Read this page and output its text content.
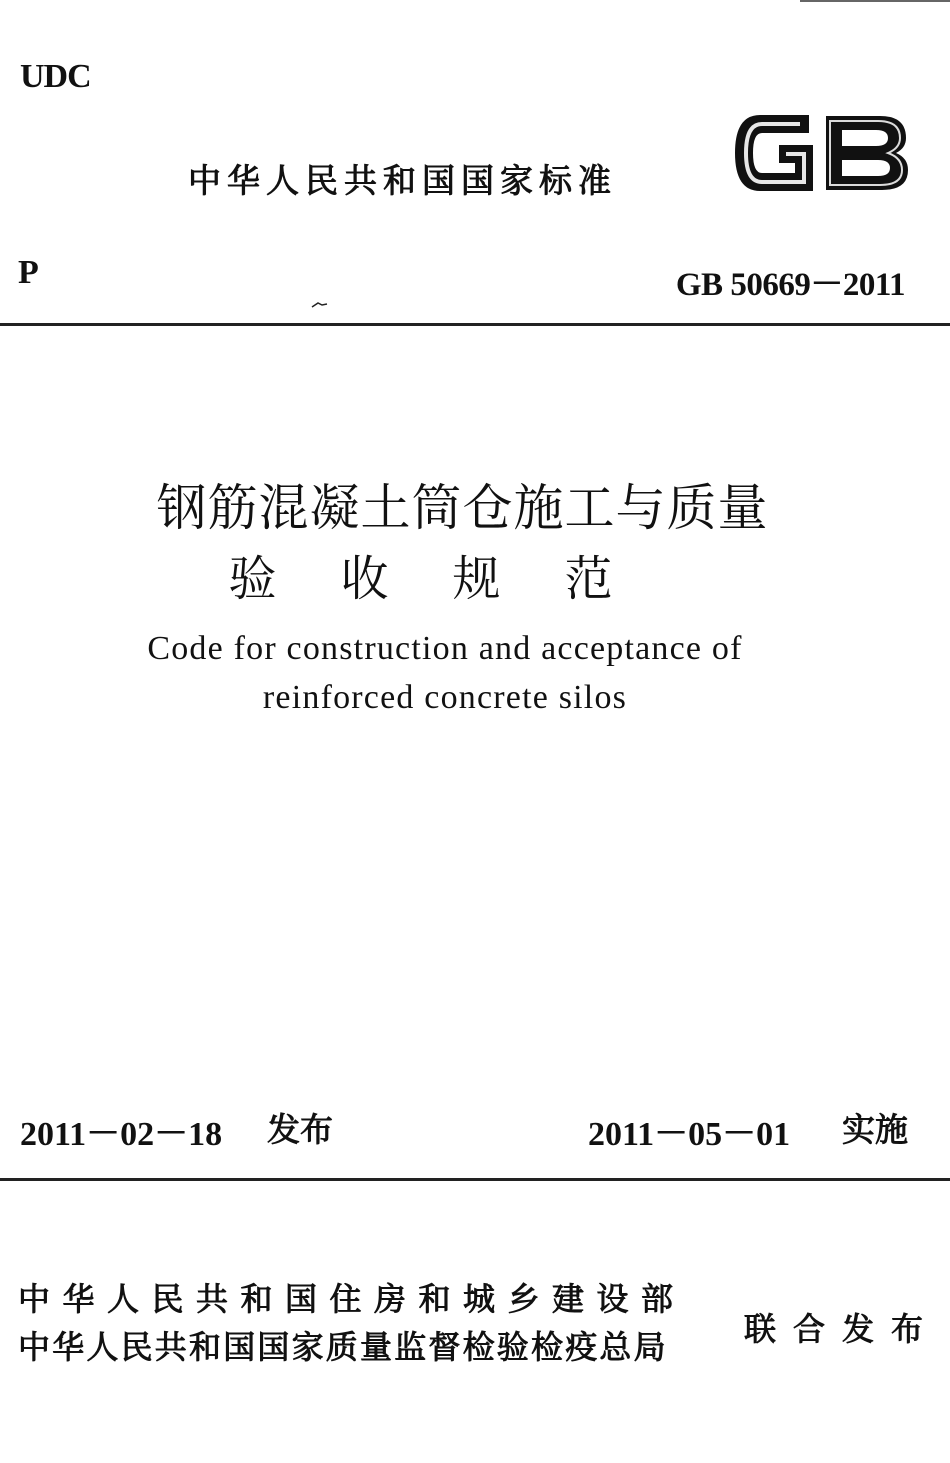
UDC
中华人民共和国国家标准
P	GB 50669－2011
钢筋混凝土筒仓施工与质量
验收规范
Code for construction and acceptance of
reinforced concrete silos
2011－02－18 发布	2011－05－01 实施
中华人民共和国住房和城乡建设部
中华人民共和国国家质量监督检验检疫总局 联合发布
